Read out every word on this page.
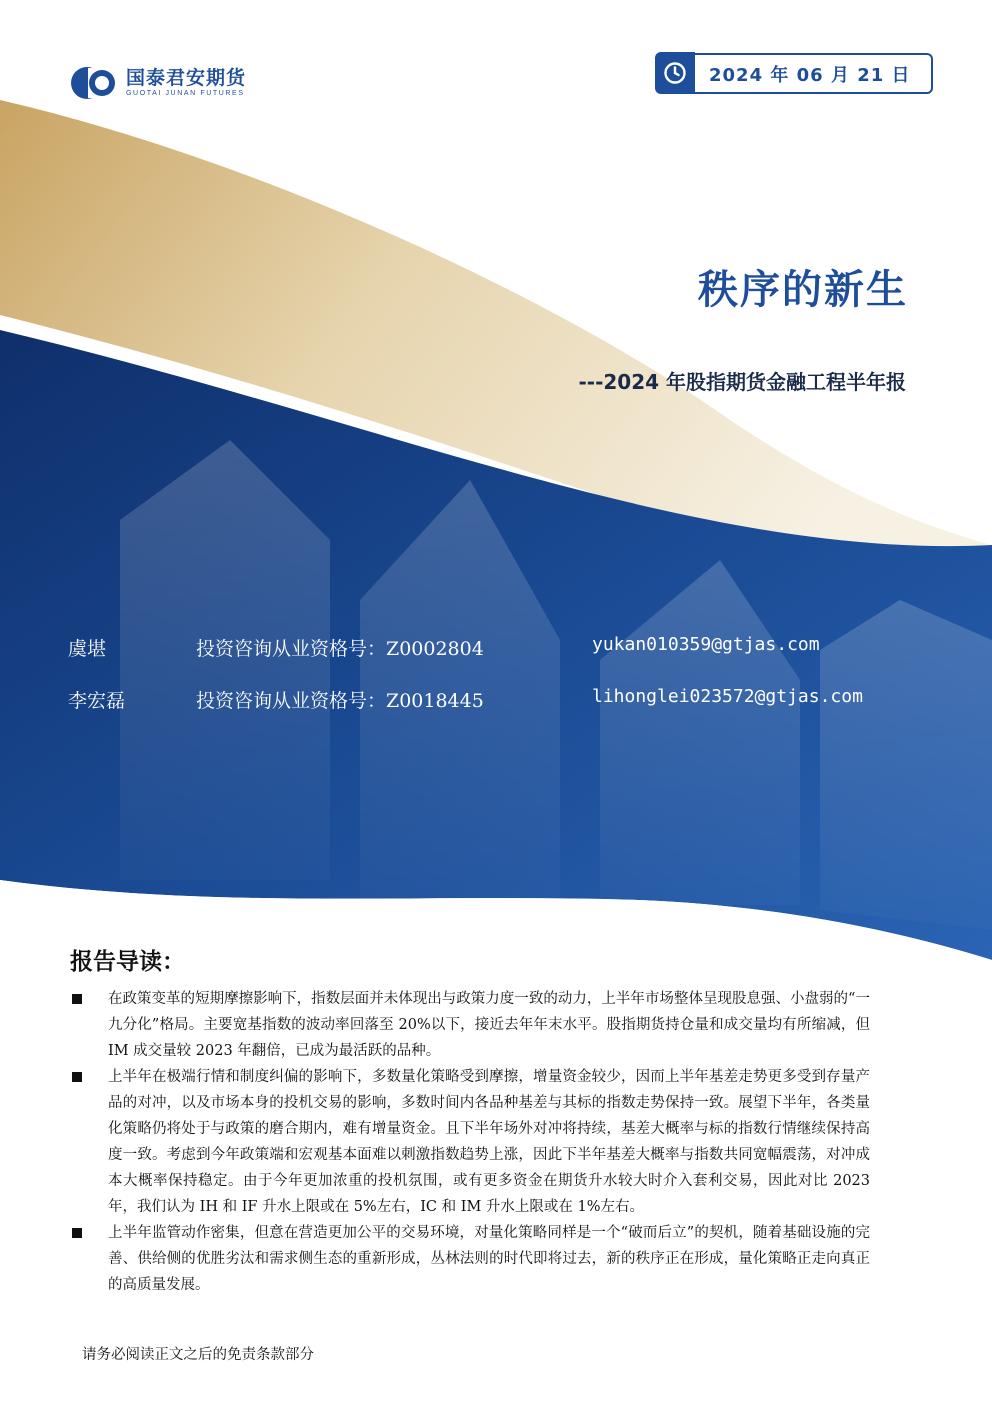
国泰君安期货
GUOTAI JUNAN FUTURES
2024 年 06 月 21 日
秩序的新生
---2024 年股指期货金融工程半年报
虞堪	投资咨询从业资格号：Z0002804	yukan010359@gtjas.com
李宏磊	投资咨询从业资格号：Z0018445	lihonglei023572@gtjas.com
报告导读：
在政策变革的短期摩擦影响下，指数层面并未体现出与政策力度一致的动力，上半年市场整体呈现股息强、小盘弱的“一九分化”格局。主要宽基指数的波动率回落至 20%以下，接近去年年末水平。股指期货持仓量和成交量均有所缩减，但 IM 成交量较 2023 年翻倍，已成为最活跃的品种。
上半年在极端行情和制度纠偏的影响下，多数量化策略受到摩擦，增量资金较少，因而上半年基差走势更多受到存量产品的对冲，以及市场本身的投机交易的影响，多数时间内各品种基差与其标的指数走势保持一致。展望下半年，各类量化策略仍将处于与政策的磨合期内，难有增量资金。且下半年场外对冲将持续，基差大概率与标的指数行情继续保持高度一致。考虑到今年政策端和宏观基本面难以刺激指数趋势上涨，因此下半年基差大概率与指数共同宽幅震荡，对冲成本大概率保持稳定。由于今年更加浓重的投机氛围，或有更多资金在期货升水较大时介入套利交易，因此对比 2023 年，我们认为 IH 和 IF 升水上限或在 5%左右，IC 和 IM 升水上限或在 1%左右。
上半年监管动作密集，但意在营造更加公平的交易环境，对量化策略同样是一个“破而后立”的契机，随着基础设施的完善、供给侧的优胜劣汰和需求侧生态的重新形成，丛林法则的时代即将过去，新的秩序正在形成，量化策略正走向真正的高质量发展。
请务必阅读正文之后的免责条款部分
